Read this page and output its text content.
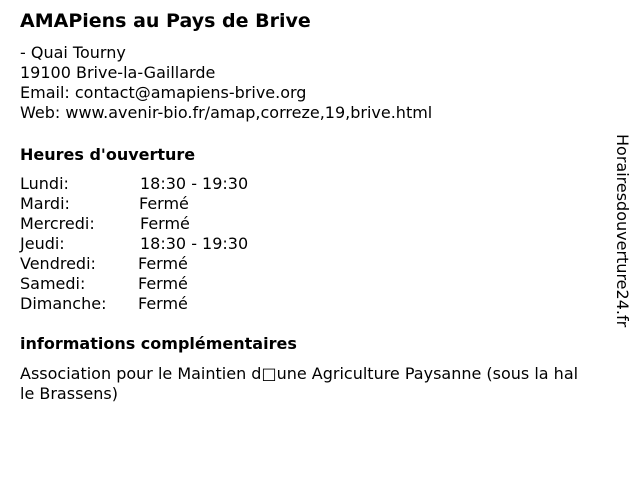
AMAPiens au Pays de Brive
- Quai Tourny
19100 Brive-la-Gaillarde
Email: contact@amapiens-brive.org
Web: www.avenir-bio.fr/amap,correze,19,brive.html
Heures d'ouverture
Lundi:	18:30 - 19:30
Mardi:	Fermé
Mercredi:	Fermé
Jeudi:	18:30 - 19:30
Vendredi:	Fermé
Samedi:	Fermé
Dimanche: Fermé
informations complémentaires
Association pour le Maintien d□une Agriculture Paysanne (sous la hal
le Brassens)
Horairesdouverture24.fr
